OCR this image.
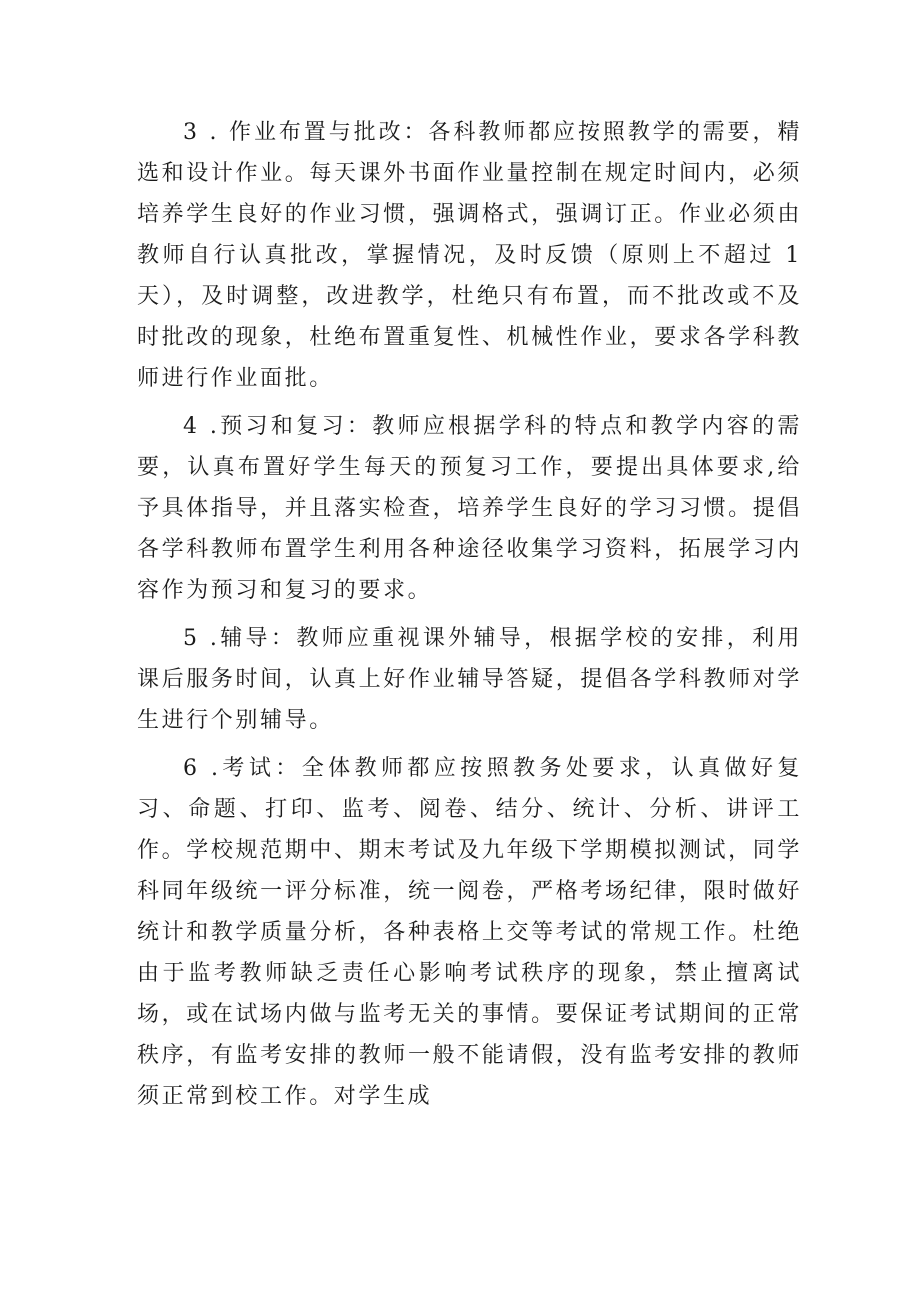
3 . 作业布置与批改：各科教师都应按照教学的需要，精选和设计作业。每天课外书面作业量控制在规定时间内，必须培养学生良好的作业习惯，强调格式，强调订正。作业必须由教师自行认真批改，掌握情况，及时反馈（原则上不超过 1 天），及时调整，改进教学，杜绝只有布置，而不批改或不及时批改的现象，杜绝布置重复性、机械性作业，要求各学科教师进行作业面批。

4 .预习和复习：教师应根据学科的特点和教学内容的需要，认真布置好学生每天的预复习工作，要提出具体要求,给予具体指导，并且落实检查，培养学生良好的学习习惯。提倡各学科教师布置学生利用各种途径收集学习资料，拓展学习内容作为预习和复习的要求。

5 .辅导：教师应重视课外辅导，根据学校的安排，利用课后服务时间，认真上好作业辅导答疑，提倡各学科教师对学生进行个别辅导。

6 .考试：全体教师都应按照教务处要求，认真做好复习、命题、打印、监考、阅卷、结分、统计、分析、讲评工作。学校规范期中、期末考试及九年级下学期模拟测试，同学科同年级统一评分标准，统一阅卷，严格考场纪律，限时做好统计和教学质量分析，各种表格上交等考试的常规工作。杜绝由于监考教师缺乏责任心影响考试秩序的现象，禁止擅离试场，或在试场内做与监考无关的事情。要保证考试期间的正常秩序，有监考安排的教师一般不能请假，没有监考安排的教师须正常到校工作。对学生成
